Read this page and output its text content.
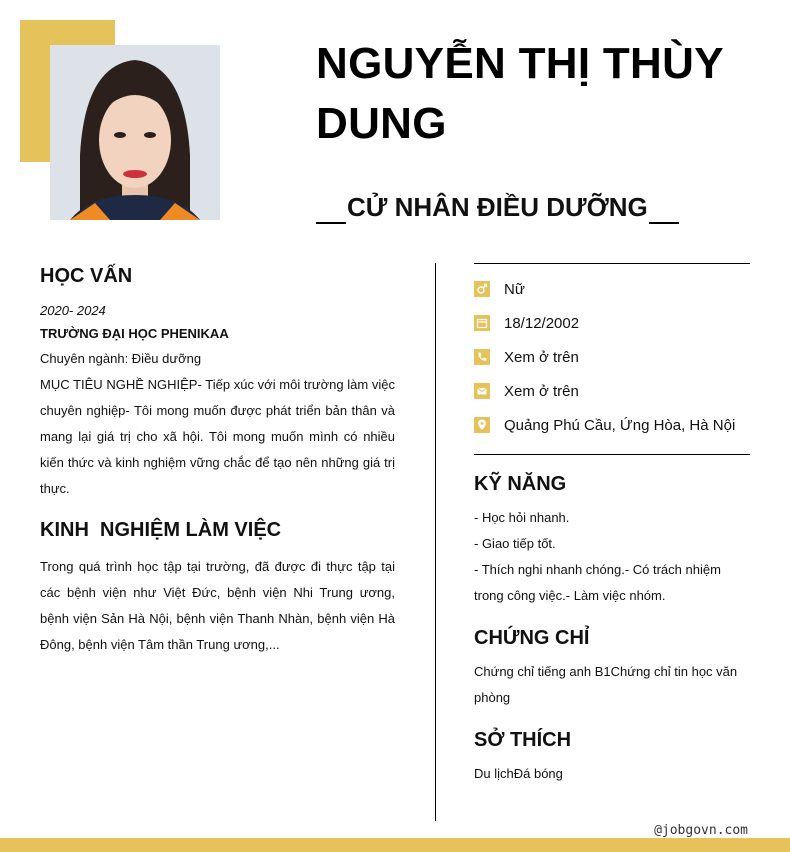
NGUYỄN THỊ THÙY DUNG
CỬ NHÂN ĐIỀU DƯỠNG
HỌC VẤN

2020- 2024

TRƯỜNG ĐẠI HỌC PHENIKAA

Chuyên ngành: Điều dưỡng

MỤC TIÊU NGHỀ NGHIỆP- Tiếp xúc với môi trường làm việc chuyên nghiệp- Tôi mong muốn được phát triển bản thân và mang lại giá trị cho xã hội. Tôi mong muốn mình có nhiều kiến thức và kinh nghiệm vững chắc để tạo nên những giá trị thực.

KINH  NGHIỆM LÀM VIỆC

Trong quá trình học tập tại trường, đã được đi thực tập tại các bệnh viện như Việt Đức, bệnh viện Nhi Trung ương, bệnh viện Sản Hà Nội, bệnh viện Thanh Nhàn, bệnh viện Hà Đông, bệnh viện Tâm thần Trung ương,...

Nữ
18/12/2002
Xem ở trên
Xem ở trên
Quảng Phú Cầu, Ứng Hòa, Hà Nội
KỸ NĂNG

- Học hỏi nhanh.

- Giao tiếp tốt.

- Thích nghi nhanh chóng.- Có trách nhiệm trong công việc.- Làm việc nhóm.

CHỨNG CHỈ

Chứng chỉ tiếng anh B1Chứng chỉ tin học văn phòng

SỞ THÍCH

Du lịchĐá bóng

@jobgovn.com
